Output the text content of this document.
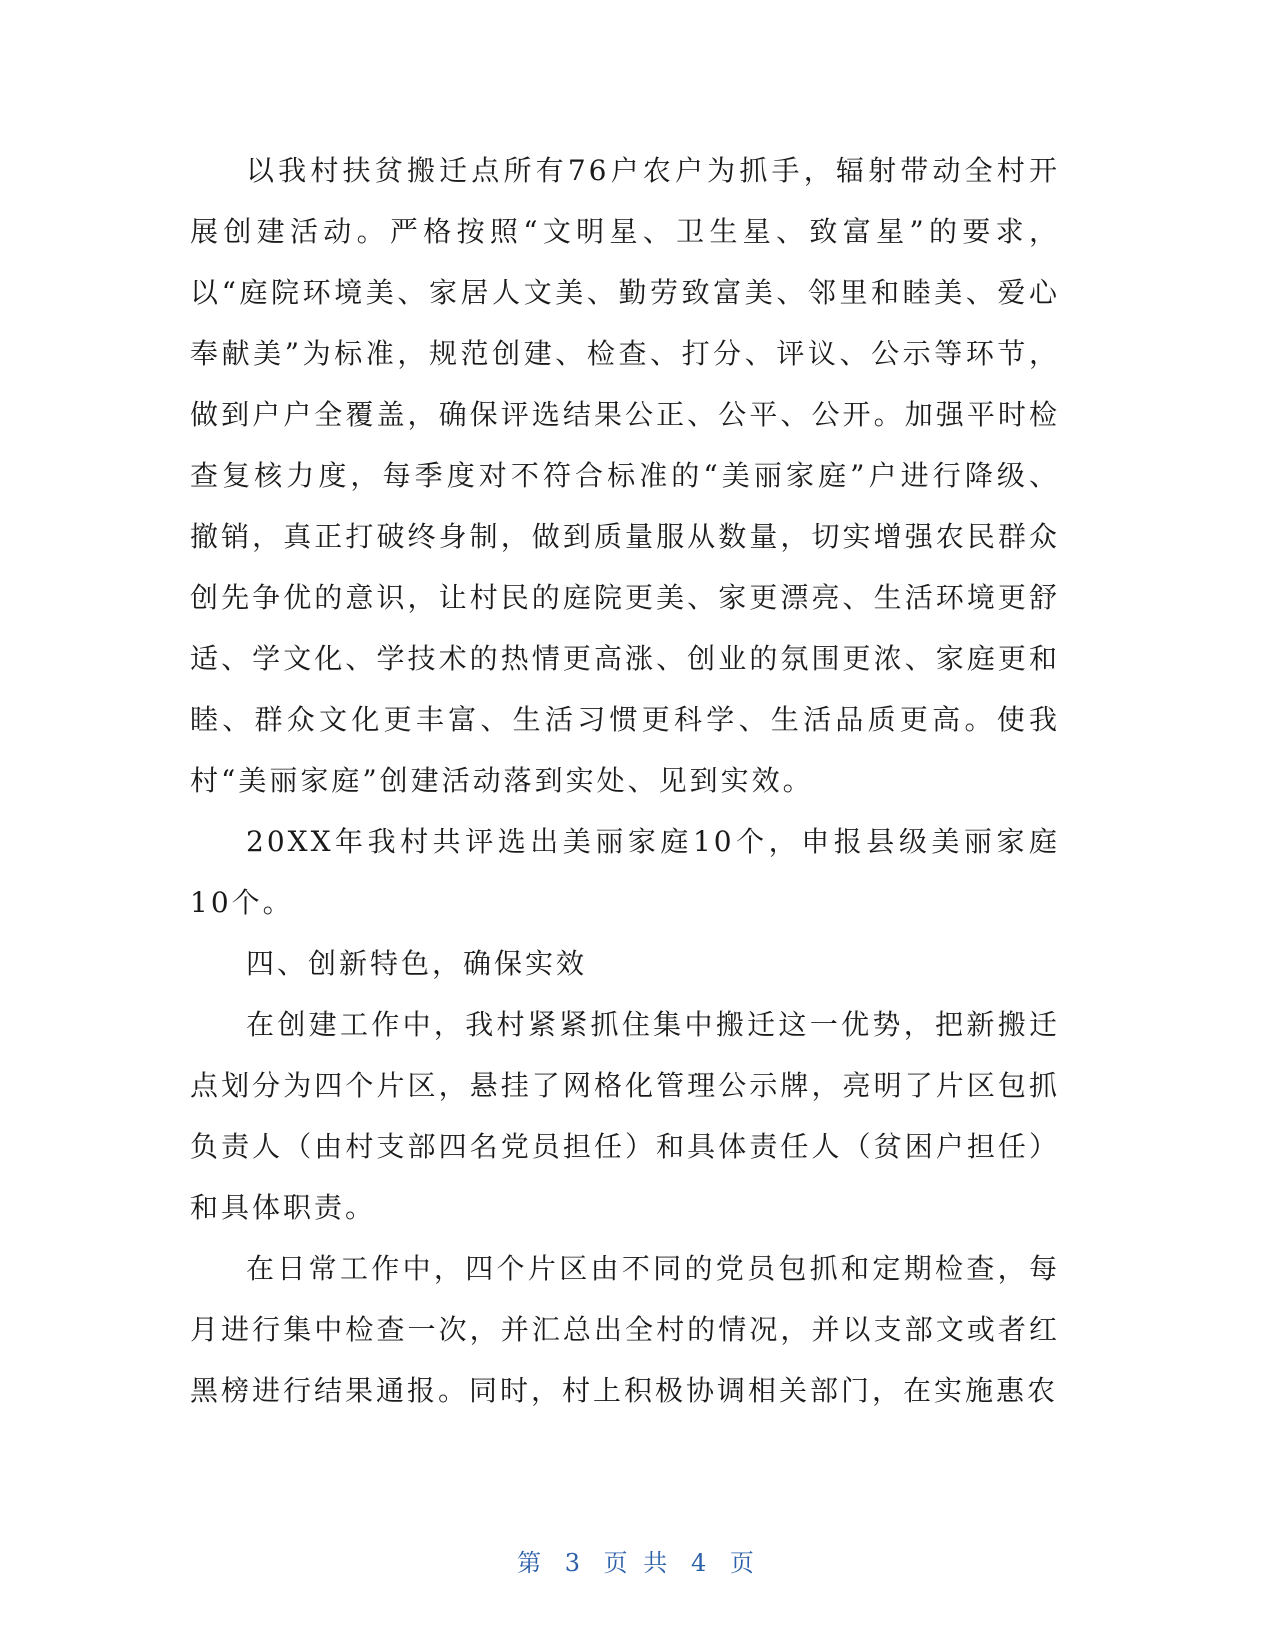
以我村扶贫搬迁点所有76户农户为抓手，辐射带动全村开展创建活动。严格按照“文明星、卫生星、致富星”的要求，以“庭院环境美、家居人文美、勤劳致富美、邻里和睦美、爱心奉献美”为标准，规范创建、检查、打分、评议、公示等环节，做到户户全覆盖，确保评选结果公正、公平、公开。加强平时检查复核力度，每季度对不符合标准的“美丽家庭”户进行降级、撤销，真正打破终身制，做到质量服从数量，切实增强农民群众创先争优的意识，让村民的庭院更美、家更漂亮、生活环境更舒适、学文化、学技术的热情更高涨、创业的氛围更浓、家庭更和睦、群众文化更丰富、生活习惯更科学、生活品质更高。使我村“美丽家庭”创建活动落到实处、见到实效。

20XX年我村共评选出美丽家庭10个，申报县级美丽家庭10个。

四、创新特色，确保实效

在创建工作中，我村紧紧抓住集中搬迁这一优势，把新搬迁点划分为四个片区，悬挂了网格化管理公示牌，亮明了片区包抓负责人（由村支部四名党员担任）和具体责任人（贫困户担任）和具体职责。

在日常工作中，四个片区由不同的党员包抓和定期检查，每月进行集中检查一次，并汇总出全村的情况，并以支部文或者红黑榜进行结果通报。同时，村上积极协调相关部门，在实施惠农

第 3 页 共 4 页
